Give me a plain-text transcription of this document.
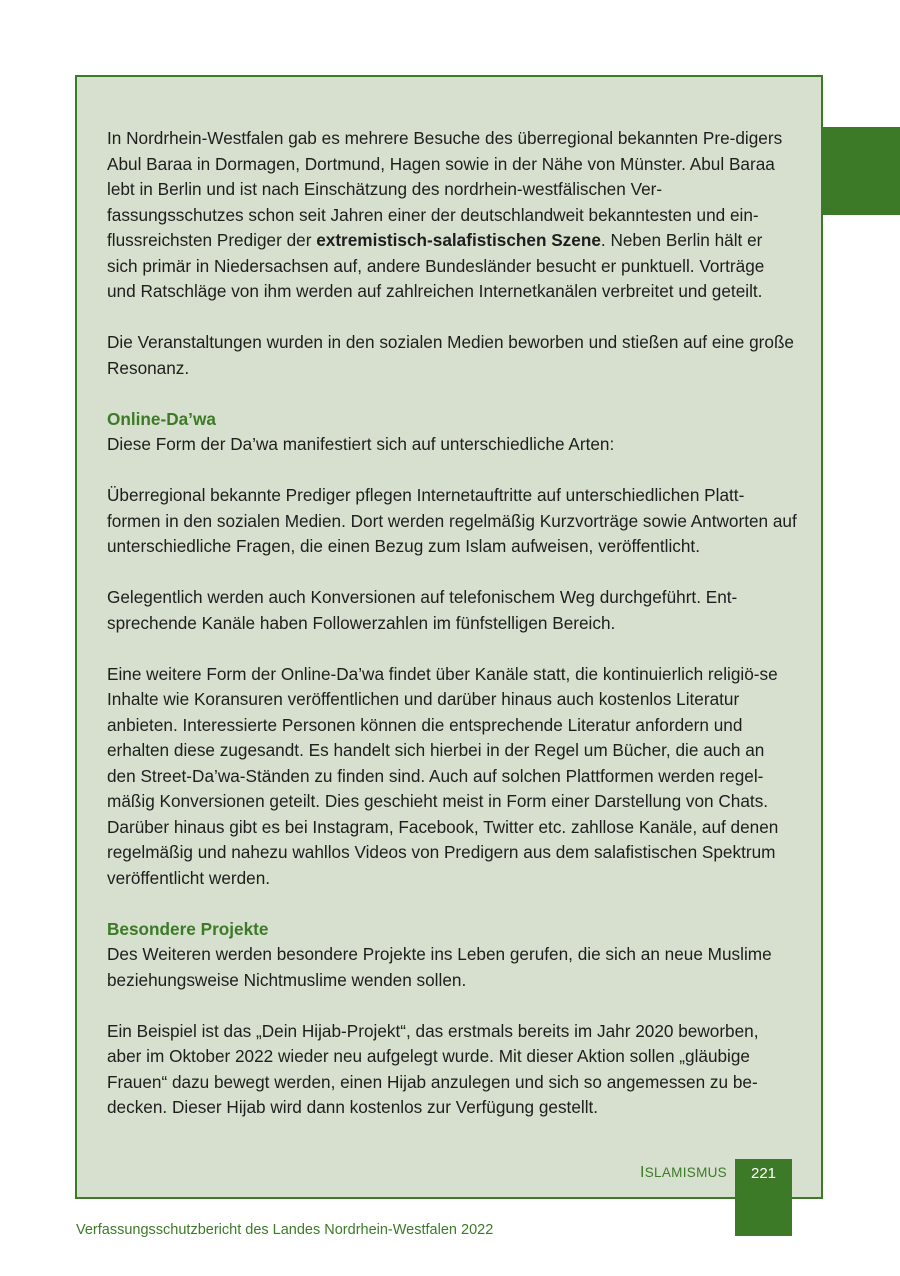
In Nordrhein-Westfalen gab es mehrere Besuche des überregional bekannten Pre-digers Abul Baraa in Dormagen, Dortmund, Hagen sowie in der Nähe von Münster. Abul Baraa lebt in Berlin und ist nach Einschätzung des nordrhein-westfälischen Ver-fassungsschutzes schon seit Jahren einer der deutschlandweit bekanntesten und ein-flussreichsten Prediger der extremistisch-salafistischen Szene. Neben Berlin hält er sich primär in Niedersachsen auf, andere Bundesländer besucht er punktuell. Vorträge und Ratschläge von ihm werden auf zahlreichen Internetkanälen verbreitet und geteilt.

Die Veranstaltungen wurden in den sozialen Medien beworben und stießen auf eine große Resonanz.

Online-Da’wa
Diese Form der Da’wa manifestiert sich auf unterschiedliche Arten:

Überregional bekannte Prediger pflegen Internetauftritte auf unterschiedlichen Platt-formen in den sozialen Medien. Dort werden regelmäßig Kurzvorträge sowie Antworten auf unterschiedliche Fragen, die einen Bezug zum Islam aufweisen, veröffentlicht.

Gelegentlich werden auch Konversionen auf telefonischem Weg durchgeführt. Ent-sprechende Kanäle haben Followerzahlen im fünfstelligen Bereich.

Eine weitere Form der Online-Da’wa findet über Kanäle statt, die kontinuierlich religiö-se Inhalte wie Koransuren veröffentlichen und darüber hinaus auch kostenlos Literatur anbieten. Interessierte Personen können die entsprechende Literatur anfordern und erhalten diese zugesandt. Es handelt sich hierbei in der Regel um Bücher, die auch an den Street-Da’wa-Ständen zu finden sind. Auch auf solchen Plattformen werden regel-mäßig Konversionen geteilt. Dies geschieht meist in Form einer Darstellung von Chats. Darüber hinaus gibt es bei Instagram, Facebook, Twitter etc. zahllose Kanäle, auf denen regelmäßig und nahezu wahllos Videos von Predigern aus dem salafistischen Spektrum veröffentlicht werden.

Besondere Projekte
Des Weiteren werden besondere Projekte ins Leben gerufen, die sich an neue Muslime beziehungsweise Nichtmuslime wenden sollen.

Ein Beispiel ist das „Dein Hijab-Projekt“, das erstmals bereits im Jahr 2020 beworben, aber im Oktober 2022 wieder neu aufgelegt wurde. Mit dieser Aktion sollen „gläubige Frauen“ dazu bewegt werden, einen Hijab anzulegen und sich so angemessen zu be-decken. Dieser Hijab wird dann kostenlos zur Verfügung gestellt.

ISLAMISMUS	221
Verfassungsschutzbericht des Landes Nordrhein-Westfalen 2022
